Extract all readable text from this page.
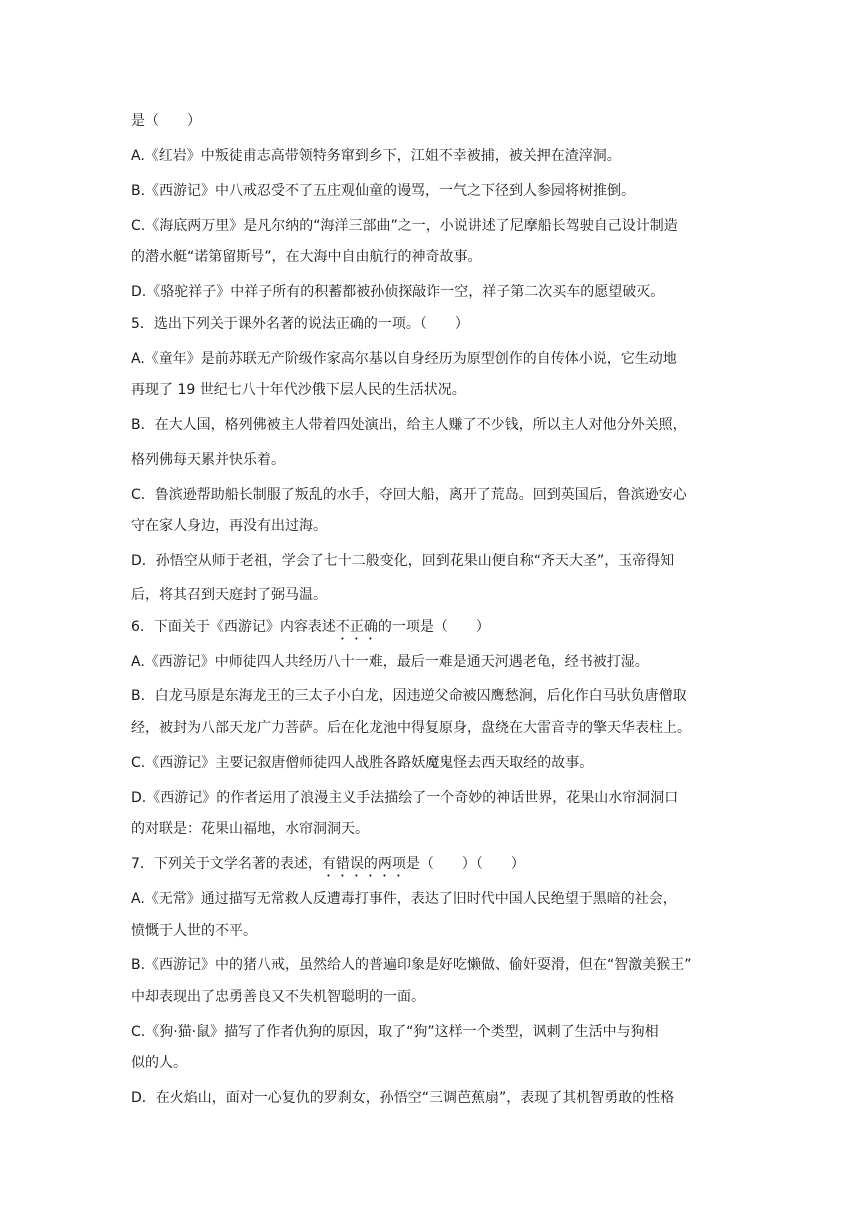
是（　　）
A.《红岩》中叛徒甫志高带领特务窜到乡下，江姐不幸被捕，被关押在渣滓洞。
B.《西游记》中八戒忍受不了五庄观仙童的谩骂，一气之下径到人参园将树推倒。
C.《海底两万里》是凡尔纳的“海洋三部曲”之一，小说讲述了尼摩船长驾驶自己设计制造
的潜水艇“诺第留斯号”，在大海中自由航行的神奇故事。
D.《骆驼祥子》中祥子所有的积蓄都被孙侦探敲诈一空，祥子第二次买车的愿望破灭。
5．选出下列关于课外名著的说法正确的一项。（　　）
A.《童年》是前苏联无产阶级作家高尔基以自身经历为原型创作的自传体小说，它生动地
再现了 19 世纪七八十年代沙俄下层人民的生活状况。
B．在大人国，格列佛被主人带着四处演出，给主人赚了不少钱，所以主人对他分外关照，
格列佛每天累并快乐着。
C．鲁滨逊帮助船长制服了叛乱的水手，夺回大船，离开了荒岛。回到英国后，鲁滨逊安心
守在家人身边，再没有出过海。
D．孙悟空从师于老祖，学会了七十二般变化，回到花果山便自称“齐天大圣”，玉帝得知
后，将其召到天庭封了弼马温。
6．下面关于《西游记》内容表述不正确的一项是（　　）
A.《西游记》中师徒四人共经历八十一难，最后一难是通天河遇老龟，经书被打湿。
B．白龙马原是东海龙王的三太子小白龙，因违逆父命被囚鹰愁涧，后化作白马驮负唐僧取
经，被封为八部天龙广力菩萨。后在化龙池中得复原身，盘绕在大雷音寺的擎天华表柱上。
C.《西游记》主要记叙唐僧师徒四人战胜各路妖魔鬼怪去西天取经的故事。
D.《西游记》的作者运用了浪漫主义手法描绘了一个奇妙的神话世界，花果山水帘洞洞口
的对联是：花果山福地，水帘洞洞天。
7．下列关于文学名著的表述，有错误的两项是（　　）（　　）
A.《无常》通过描写无常救人反遭毒打事件，表达了旧时代中国人民绝望于黑暗的社会，
愤慨于人世的不平。
B.《西游记》中的猪八戒，虽然给人的普遍印象是好吃懒做、偷奸耍滑，但在“智激美猴王”
中却表现出了忠勇善良又不失机智聪明的一面。
C.《狗·猫·鼠》描写了作者仇狗的原因，取了“狗”这样一个类型，讽刺了生活中与狗相
似的人。
D．在火焰山，面对一心复仇的罗刹女，孙悟空“三调芭蕉扇”，表现了其机智勇敢的性格
